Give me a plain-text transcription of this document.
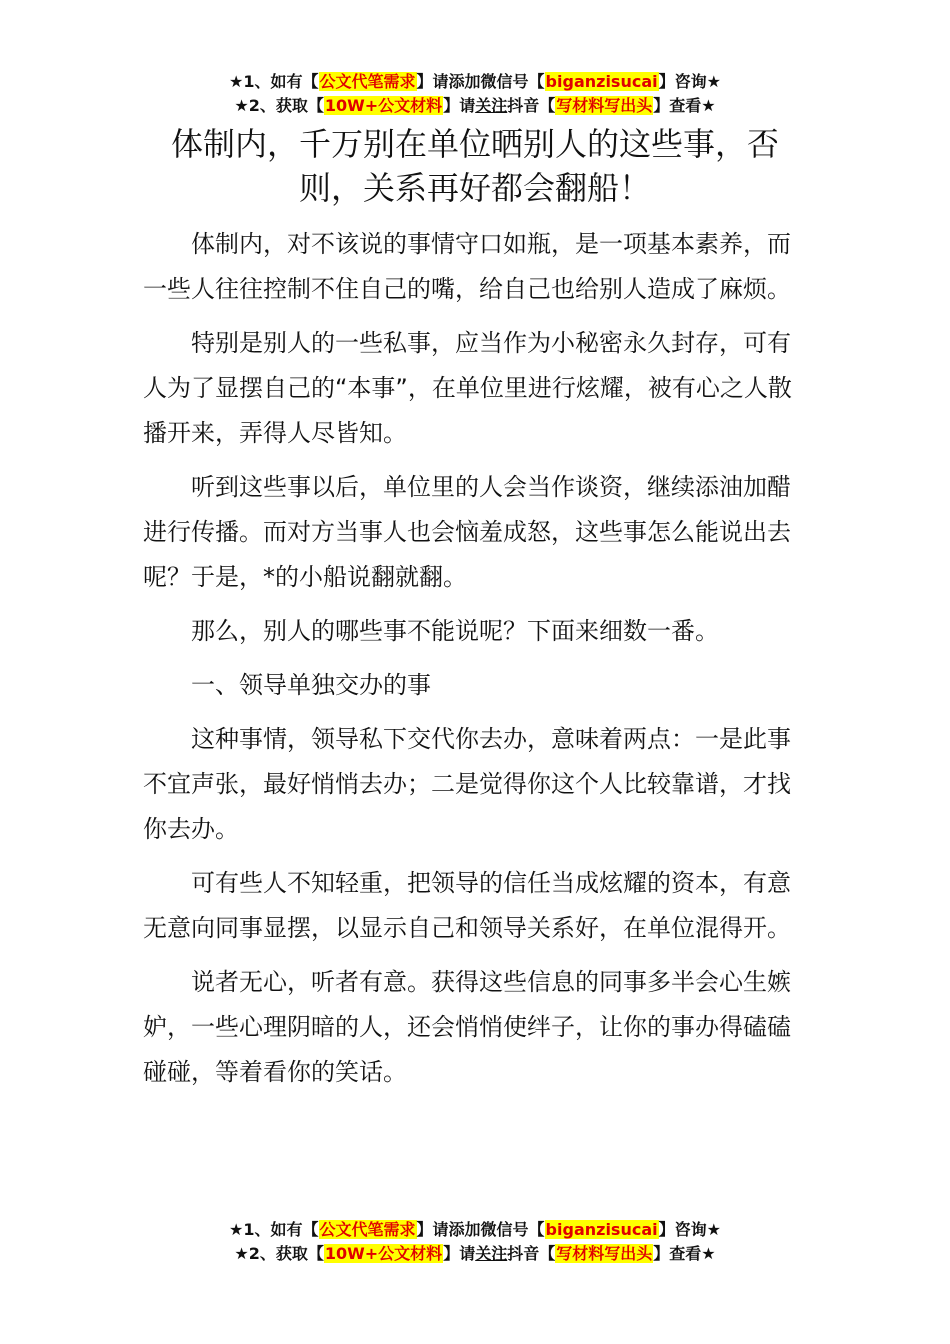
★1、如有【公文代笔需求】请添加微信号【biganzisucai】咨询★
★2、获取【10W+公文材料】请关注抖音【写材料写出头】查看★
体制内，千万别在单位晒别人的这些事，否则，关系再好都会翻船！

体制内，对不该说的事情守口如瓶，是一项基本素养，而一些人往往控制不住自己的嘴，给自己也给别人造成了麻烦。

特别是别人的一些私事，应当作为小秘密永久封存，可有人为了显摆自己的“本事”，在单位里进行炫耀，被有心之人散播开来，弄得人尽皆知。

听到这些事以后，单位里的人会当作谈资，继续添油加醋进行传播。而对方当事人也会恼羞成怒，这些事怎么能说出去呢？于是，*的小船说翻就翻。

那么，别人的哪些事不能说呢？下面来细数一番。

一、领导单独交办的事

这种事情，领导私下交代你去办，意味着两点：一是此事不宜声张，最好悄悄去办；二是觉得你这个人比较靠谱，才找你去办。

可有些人不知轻重，把领导的信任当成炫耀的资本，有意无意向同事显摆，以显示自己和领导关系好，在单位混得开。

说者无心，听者有意。获得这些信息的同事多半会心生嫉妒，一些心理阴暗的人，还会悄悄使绊子，让你的事办得磕磕碰碰，等着看你的笑话。

★1、如有【公文代笔需求】请添加微信号【biganzisucai】咨询★
★2、获取【10W+公文材料】请关注抖音【写材料写出头】查看★
